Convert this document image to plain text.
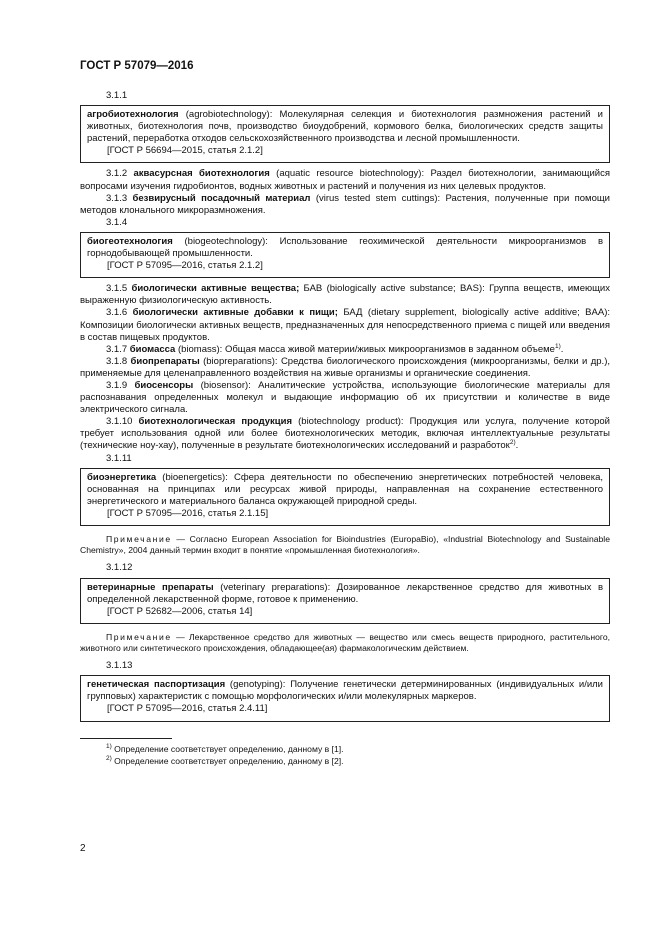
ГОСТ Р 57079—2016
3.1.1
агробиотехнология (agrobiotechnology): Молекулярная селекция и биотехнология размножения растений и животных, биотехнология почв, производство биоудобрений, кормового белка, биологических средств защиты растений, переработка отходов сельскохозяйственного производства и лесной промышленности.
[ГОСТ Р 56694—2015, статья 2.1.2]

3.1.2 аквасурсная биотехнология (aquatic resource biotechnology): Раздел биотехнологии, занимающийся вопросами изучения гидробионтов, водных животных и растений и получения из них целевых продуктов.

3.1.3 безвирусный посадочный материал (virus tested stem cuttings): Растения, полученные при помощи методов клонального микроразмножения.

3.1.4
биогеотехнология (biogeotechnology): Использование геохимической деятельности микроорганизмов в горнодобывающей промышленности.
[ГОСТ Р 57095—2016, статья 2.1.2]

3.1.5 биологически активные вещества; БАВ (biologically active substance; BAS): Группа веществ, имеющих выраженную физиологическую активность.

3.1.6 биологически активные добавки к пищи; БАД (dietary supplement, biologically active additive; BAA): Композиции биологически активных веществ, предназначенных для непосредственного приема с пищей или введения в состав пищевых продуктов.

3.1.7 биомасса (biomass): Общая масса живой материи/живых микроорганизмов в заданном объеме$^{1)}$.

3.1.8 биопрепараты (biopreparations): Средства биологического происхождения (микроорганизмы, белки и др.), применяемые для целенаправленного воздействия на живые организмы и органические соединения.

3.1.9 биосенсоры (biosensor): Аналитические устройства, использующие биологические материалы для распознавания определенных молекул и выдающие информацию об их присутствии и количестве в виде электрического сигнала.

3.1.10 биотехнологическая продукция (biotechnology product): Продукция или услуга, получение которой требует использования одной или более биотехнологических методик, включая интеллектуальные результаты (технические ноу-хау), полученные в результате биотехнологических исследований и разработок$^{2)}$.

3.1.11
биоэнергетика (bioenergetics): Сфера деятельности по обеспечению энергетических потребностей человека, основанная на принципах или ресурсах живой природы, направленная на сохранение естественного энергетического и материального баланса окружающей природной среды.
[ГОСТ Р 57095—2016, статья 2.1.15]

Примечание — Согласно European Association for Bioindustries (EuropaBio), «Industrial Biotechnology and Sustainable Chemistry», 2004 данный термин входит в понятие «промышленная биотехнология».

3.1.12
ветеринарные препараты (veterinary preparations): Дозированное лекарственное средство для животных в определенной лекарственной форме, готовое к применению.
[ГОСТ Р 52682—2006, статья 14]

Примечание — Лекарственное средство для животных — вещество или смесь веществ природного, растительного, животного или синтетического происхождения, обладающее(ая) фармакологическим действием.

3.1.13
генетическая паспортизация (genotyping): Получение генетически детерминированных (индивидуальных и/или групповых) характеристик с помощью морфологических и/или молекулярных маркеров.
[ГОСТ Р 57095—2016, статья 2.4.11]
$^{1)}$ Определение соответствует определению, данному в [1].
$^{2)}$ Определение соответствует определению, данному в [2].
2
